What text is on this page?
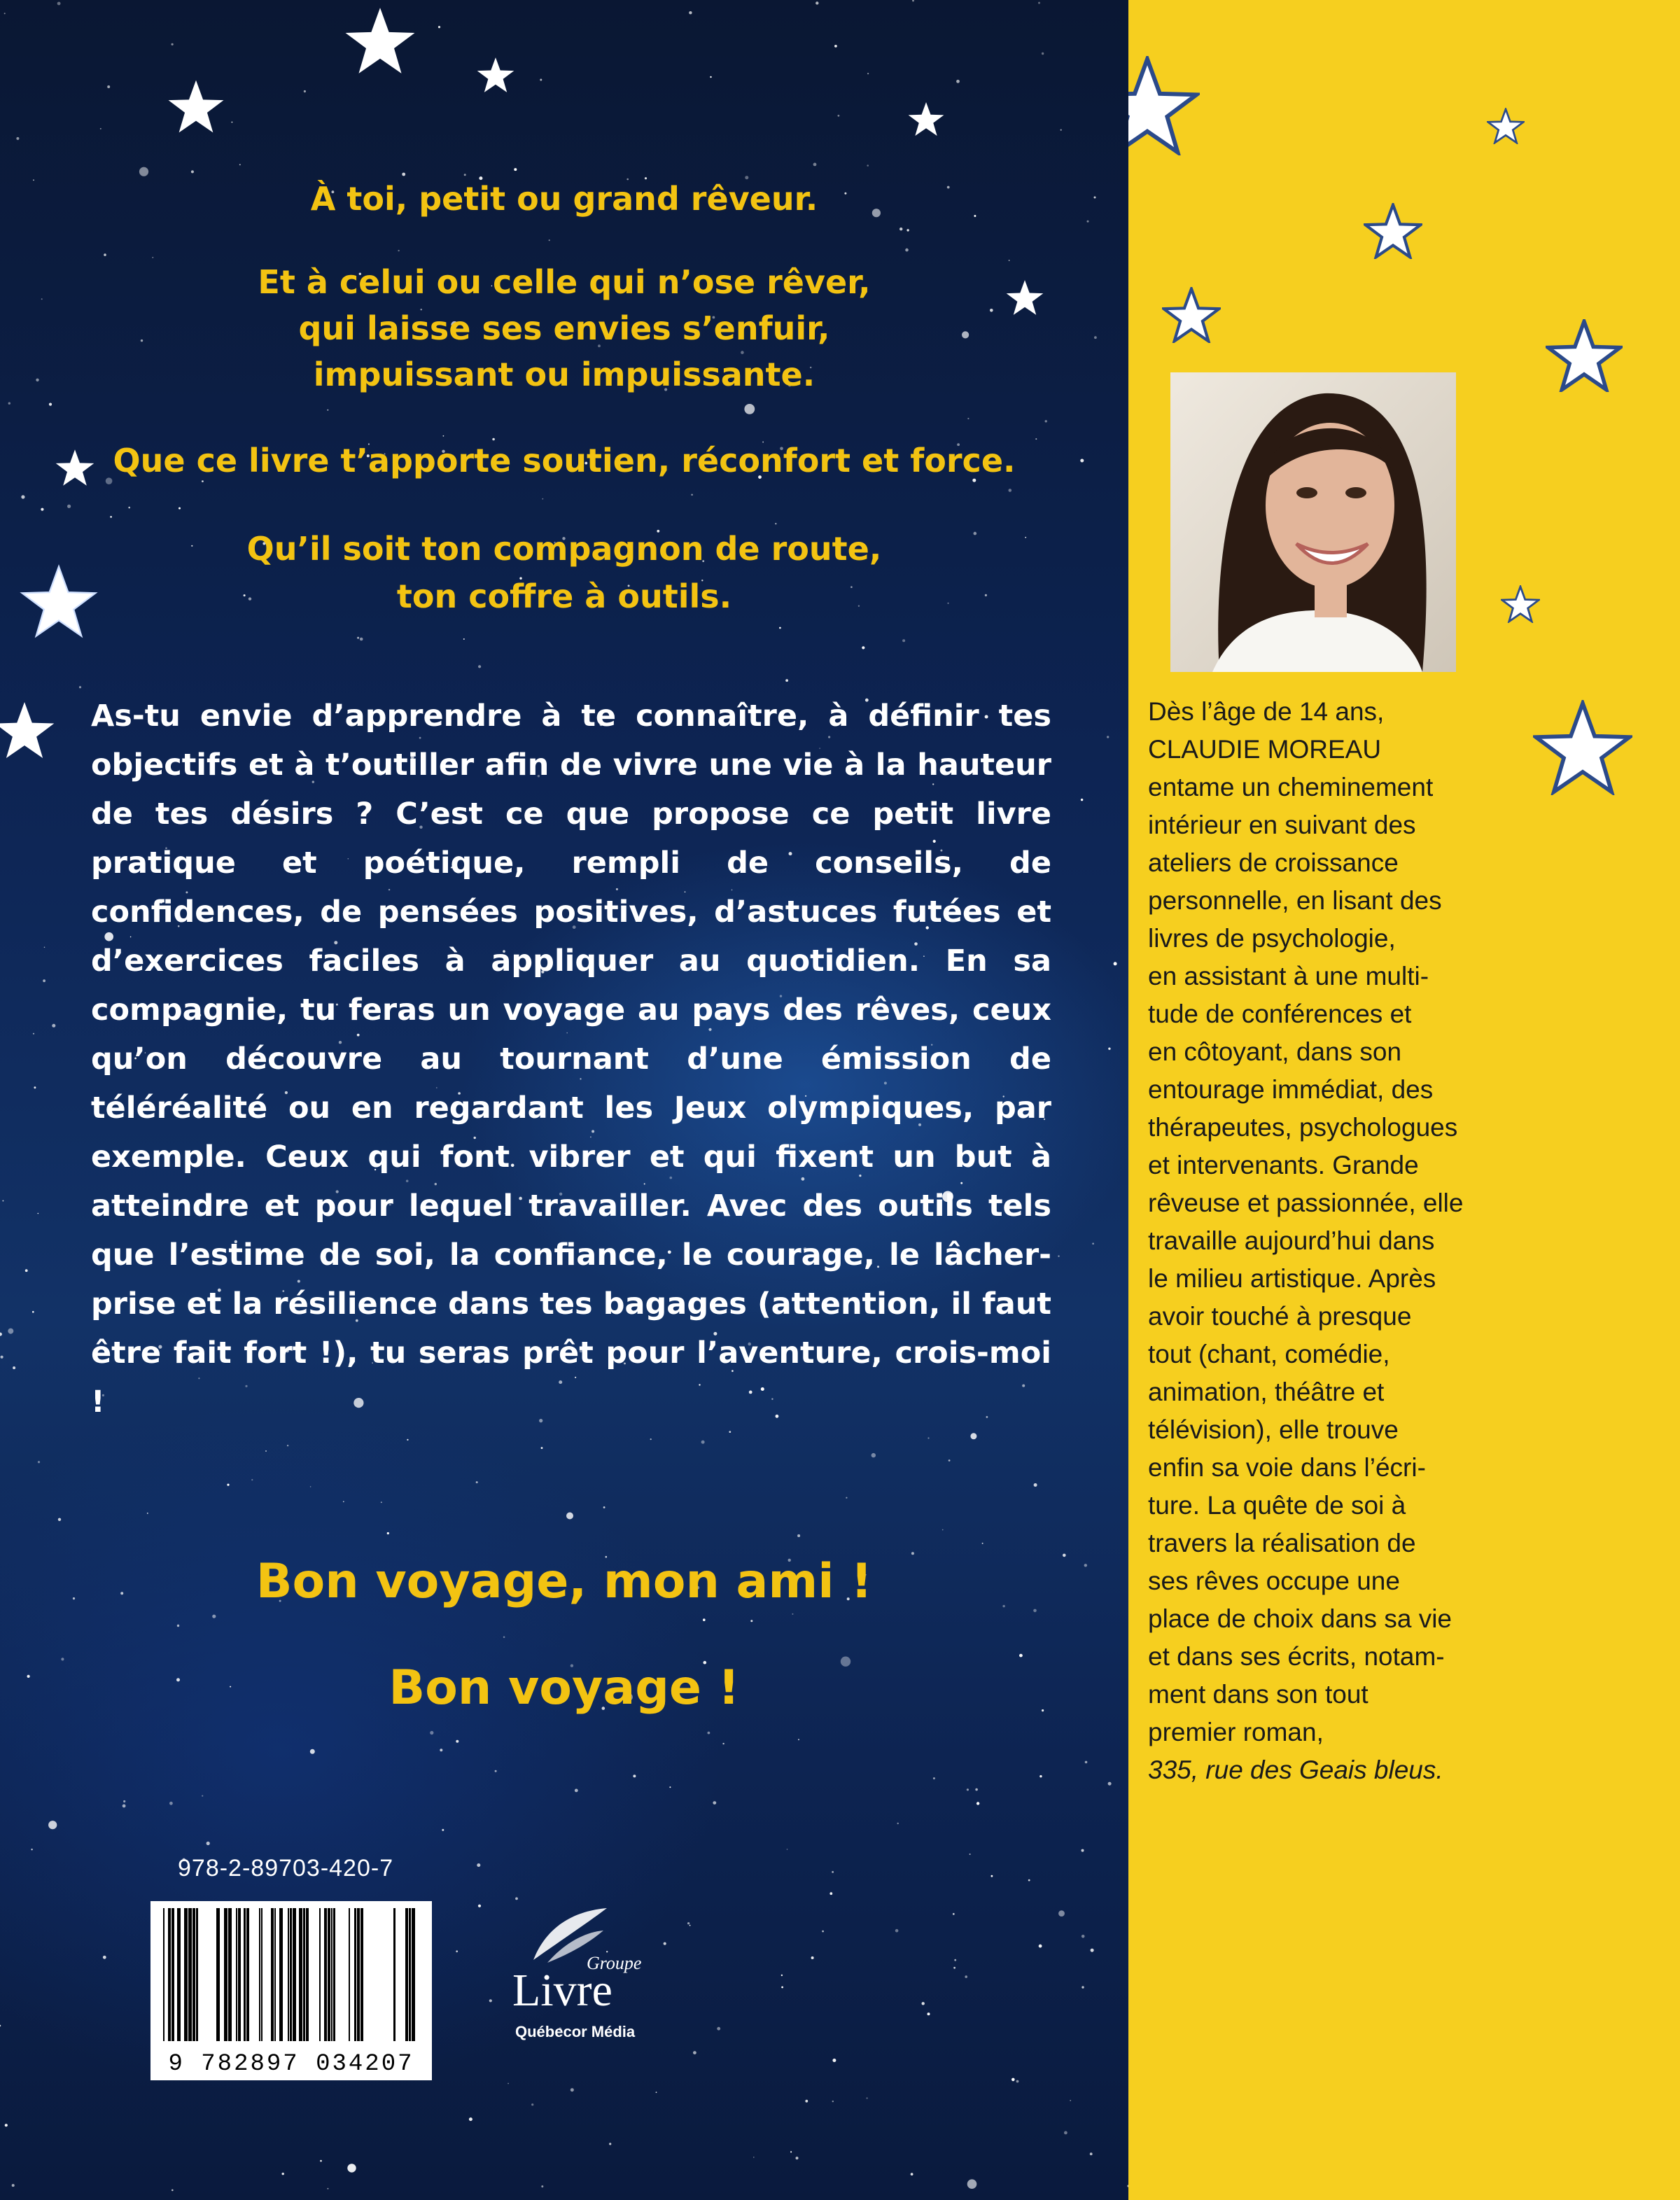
À toi, petit ou grand rêveur.

Et à celui ou celle qui n’ose rêver,

qui laisse ses envies s’enfuir,

impuissant ou impuissante.

Que ce livre t’apporte soutien, réconfort et force.

Qu’il soit ton compagnon de route,

ton coffre à outils.

As-tu envie d’apprendre à te connaître, à définir tes objectifs et à t’outiller afin de vivre une vie à la hauteur de tes désirs ? C’est ce que propose ce petit livre pratique et poétique, rempli de conseils, de confidences, de pensées positives, d’astuces futées et d’exercices faciles à appliquer au quotidien. En sa compagnie, tu feras un voyage au pays des rêves, ceux qu’on découvre au tournant d’une émission de téléréalité ou en regardant les Jeux olympiques, par exemple. Ceux qui font vibrer et qui fixent un but à atteindre et pour lequel travailler. Avec des outils tels que l’estime de soi, la confiance, le courage, le lâcher-prise et la résilience dans tes bagages (attention, il faut être fait fort !), tu seras prêt pour l’aventure, crois-moi !

Bon voyage, mon ami !

Bon voyage !

978-2-89703-420-7
9 782897 034207
Groupe
Livre
Québecor Média
Dès l’âge de 14 ans,
CLAUDIE MOREAU
entame un cheminement
intérieur en suivant des
ateliers de croissance
personnelle, en lisant des
livres de psychologie,
en assistant à une multi-
tude de conférences et
en côtoyant, dans son
entourage immédiat, des
thérapeutes, psychologues
et intervenants. Grande
rêveuse et passionnée, elle
travaille aujourd’hui dans
le milieu artistique. Après
avoir touché à presque
tout (chant, comédie,
animation, théâtre et
télévision), elle trouve
enfin sa voie dans l’écri-
ture. La quête de soi à
travers la réalisation de
ses rêves occupe une
place de choix dans sa vie
et dans ses écrits, notam-
ment dans son tout
premier roman,
335, rue des Geais bleus.
